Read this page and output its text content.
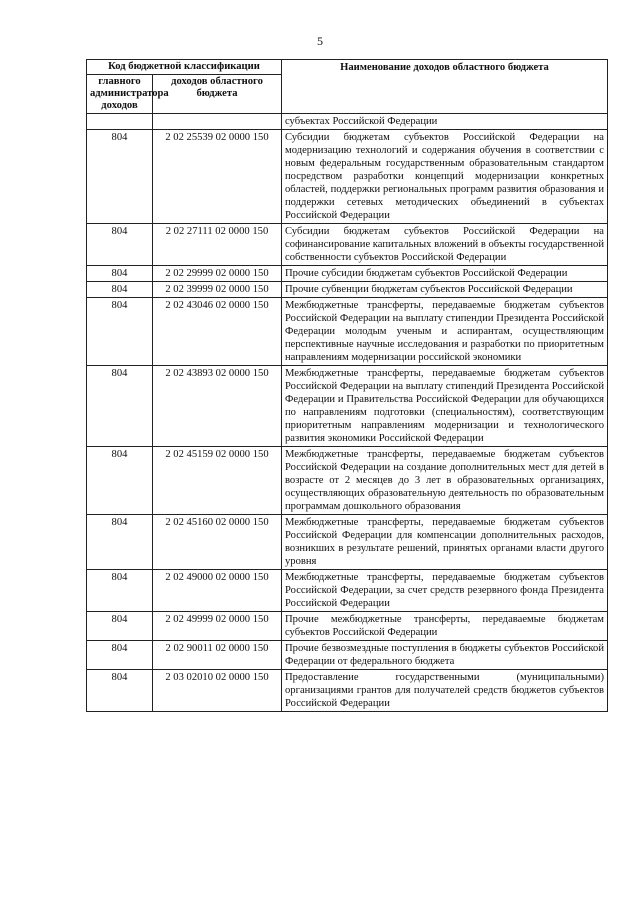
5
Код бюджетной классификации		Наименование доходов областного бюджета
главного администратора доходов	доходов областного бюджета	
		субъектах Российской Федерации
804	2 02 25539 02 0000 150	Субсидии бюджетам субъектов Российской Федерации на модернизацию технологий и содержания обучения в соответствии с новым федеральным государственным образовательным стандартом посредством разработки концепций модернизации конкретных областей, поддержки региональных программ развития образования и поддержки сетевых методических объединений в субъектах Российской Федерации
804	2 02 27111 02 0000 150	Субсидии бюджетам субъектов Российской Федерации на софинансирование капитальных вложений в объекты государственной собственности субъектов Российской Федерации
804	2 02 29999 02 0000 150	Прочие субсидии бюджетам субъектов Российской Федерации
804	2 02 39999 02 0000 150	Прочие субвенции бюджетам субъектов Российской Федерации
804	2 02 43046 02 0000 150	Межбюджетные трансферты, передаваемые бюджетам субъектов Российской Федерации на выплату стипендии Президента Российской Федерации молодым ученым и аспирантам, осуществляющим перспективные научные исследования и разработки по приоритетным направлениям модернизации российской экономики
804	2 02 43893 02 0000 150	Межбюджетные трансферты, передаваемые бюджетам субъектов Российской Федерации на выплату стипендий Президента Российской Федерации и Правительства Российской Федерации для обучающихся по направлениям подготовки (специальностям), соответствующим приоритетным направлениям модернизации и технологического развития экономики Российской Федерации
804	2 02 45159 02 0000 150	Межбюджетные трансферты, передаваемые бюджетам субъектов Российской Федерации на создание дополнительных мест для детей в возрасте от 2 месяцев до 3 лет в образовательных организациях, осуществляющих образовательную деятельность по образовательным программам дошкольного образования
804	2 02 45160 02 0000 150	Межбюджетные трансферты, передаваемые бюджетам субъектов Российской Федерации для компенсации дополнительных расходов, возникших в результате решений, принятых органами власти другого уровня
804	2 02 49000 02 0000 150	Межбюджетные трансферты, передаваемые бюджетам субъектов Российской Федерации, за счет средств резервного фонда Президента Российской Федерации
804	2 02 49999 02 0000 150	Прочие межбюджетные трансферты, передаваемые бюджетам субъектов Российской Федерации
804	2 02 90011 02 0000 150	Прочие безвозмездные поступления в бюджеты субъектов Российской Федерации от федерального бюджета
804	2 03 02010 02 0000 150	Предоставление государственными (муниципальными) организациями грантов для получателей средств бюджетов субъектов Российской Федерации
